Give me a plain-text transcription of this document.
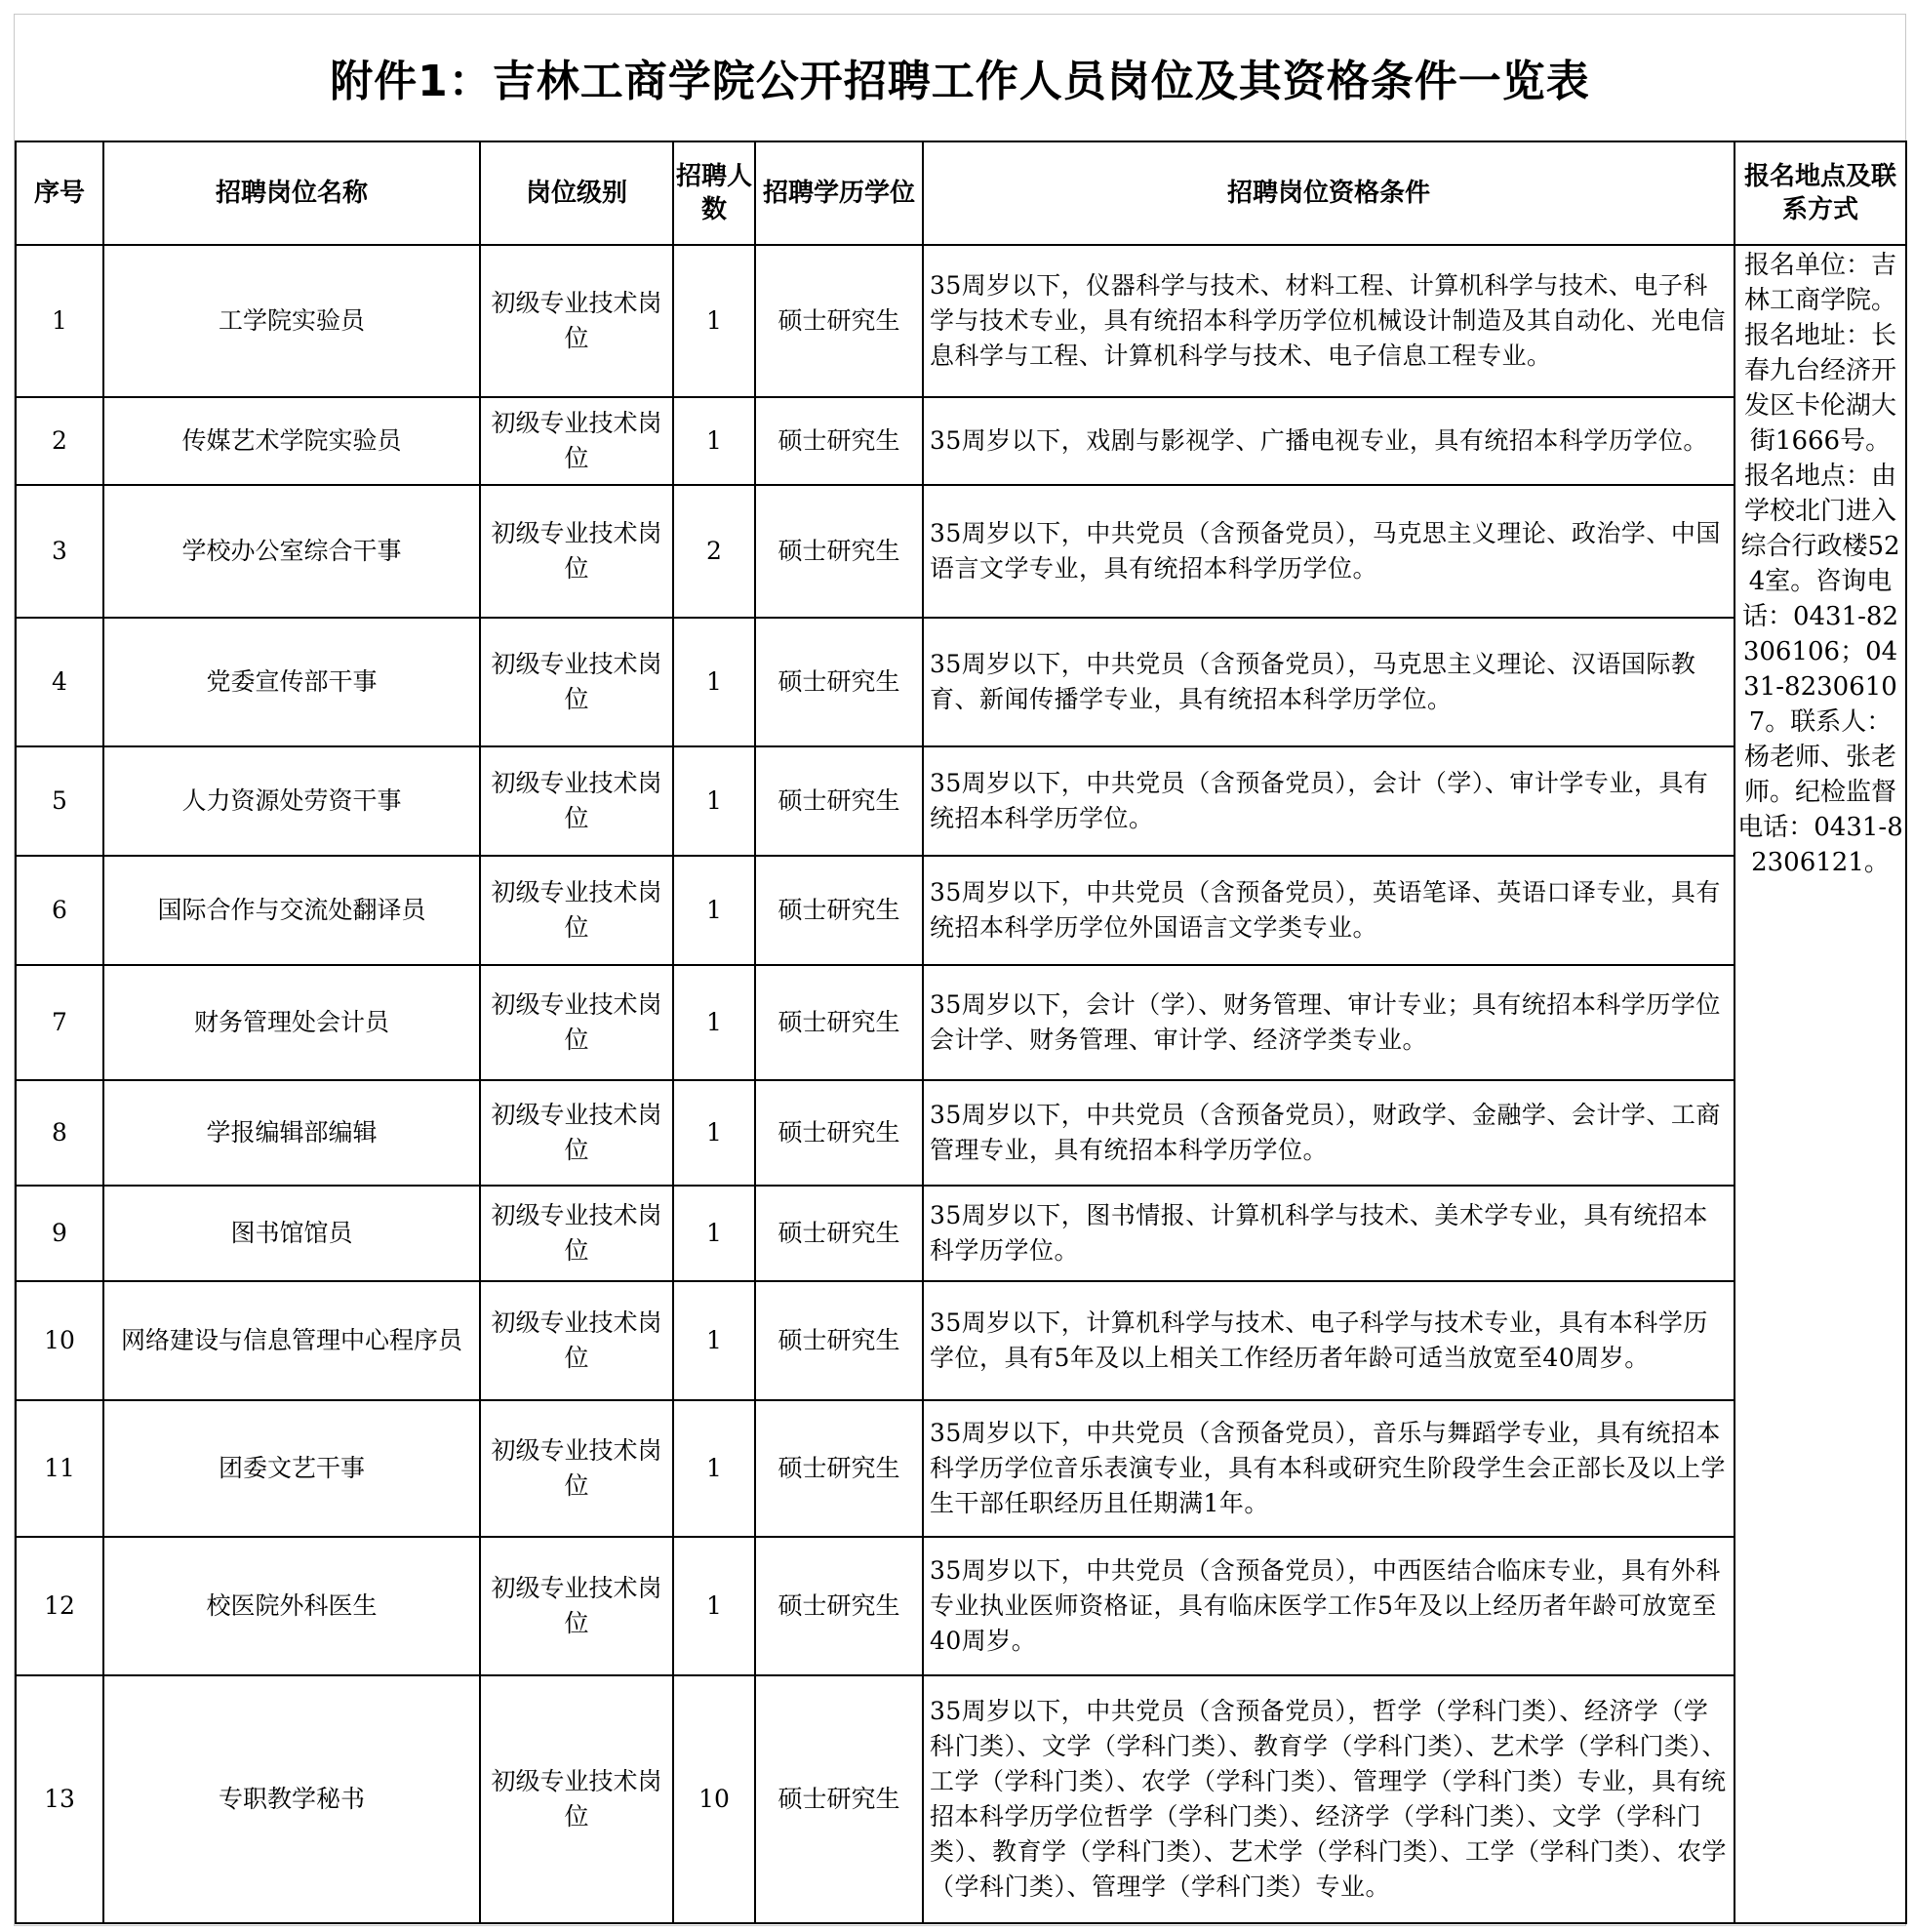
附件1：吉林工商学院公开招聘工作人员岗位及其资格条件一览表
序号	招聘岗位名称	岗位级别	招聘人数	招聘学历学位	招聘岗位资格条件	报名地点及联系方式
1	工学院实验员	初级专业技术岗位	1	硕士研究生	35周岁以下，仪器科学与技术、材料工程、计算机科学与技术、电子科学与技术专业，具有统招本科学历学位机械设计制造及其自动化、光电信息科学与工程、计算机科学与技术、电子信息工程专业。	报名单位：吉林工商学院。报名地址：长春九台经济开发区卡伦湖大街1666号。报名地点：由学校北门进入综合行政楼524室。咨询电话：0431-82306106；0431-82306107。联系人：杨老师、张老师。纪检监督电话：0431-82306121。
2	传媒艺术学院实验员	初级专业技术岗位	1	硕士研究生	35周岁以下，戏剧与影视学、广播电视专业，具有统招本科学历学位。	
3	学校办公室综合干事	初级专业技术岗位	2	硕士研究生	35周岁以下，中共党员（含预备党员），马克思主义理论、政治学、中国语言文学专业，具有统招本科学历学位。	
4	党委宣传部干事	初级专业技术岗位	1	硕士研究生	35周岁以下，中共党员（含预备党员），马克思主义理论、汉语国际教育、新闻传播学专业，具有统招本科学历学位。	
5	人力资源处劳资干事	初级专业技术岗位	1	硕士研究生	35周岁以下，中共党员（含预备党员），会计（学）、审计学专业，具有统招本科学历学位。	
6	国际合作与交流处翻译员	初级专业技术岗位	1	硕士研究生	35周岁以下，中共党员（含预备党员），英语笔译、英语口译专业，具有统招本科学历学位外国语言文学类专业。	
7	财务管理处会计员	初级专业技术岗位	1	硕士研究生	35周岁以下，会计（学）、财务管理、审计专业；具有统招本科学历学位会计学、财务管理、审计学、经济学类专业。	
8	学报编辑部编辑	初级专业技术岗位	1	硕士研究生	35周岁以下，中共党员（含预备党员），财政学、金融学、会计学、工商管理专业，具有统招本科学历学位。	
9	图书馆馆员	初级专业技术岗位	1	硕士研究生	35周岁以下，图书情报、计算机科学与技术、美术学专业，具有统招本科学历学位。	
10	网络建设与信息管理中心程序员	初级专业技术岗位	1	硕士研究生	35周岁以下，计算机科学与技术、电子科学与技术专业，具有本科学历学位，具有5年及以上相关工作经历者年龄可适当放宽至40周岁。	
11	团委文艺干事	初级专业技术岗位	1	硕士研究生	35周岁以下，中共党员（含预备党员），音乐与舞蹈学专业，具有统招本科学历学位音乐表演专业，具有本科或研究生阶段学生会正部长及以上学生干部任职经历且任期满1年。	
12	校医院外科医生	初级专业技术岗位	1	硕士研究生	35周岁以下，中共党员（含预备党员），中西医结合临床专业，具有外科专业执业医师资格证，具有临床医学工作5年及以上经历者年龄可放宽至40周岁。	
13	专职教学秘书	初级专业技术岗位	10	硕士研究生	35周岁以下，中共党员（含预备党员），哲学（学科门类）、经济学（学科门类）、文学（学科门类）、教育学（学科门类）、艺术学（学科门类）、工学（学科门类）、农学（学科门类）、管理学（学科门类）专业，具有统招本科学历学位哲学（学科门类）、经济学（学科门类）、文学（学科门类）、教育学（学科门类）、艺术学（学科门类）、工学（学科门类）、农学（学科门类）、管理学（学科门类）专业。	
